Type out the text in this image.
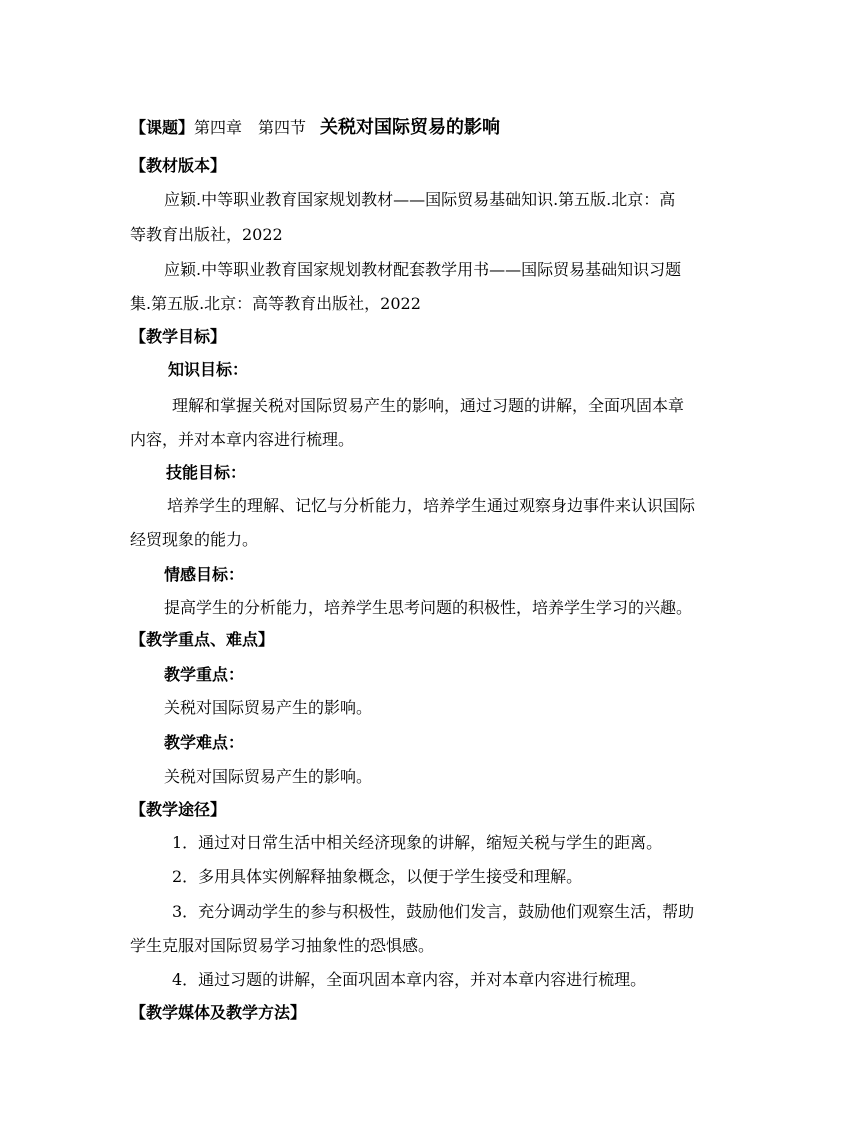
【课题】第四章　第四节 关税对国际贸易的影响
【教材版本】
应颖.中等职业教育国家规划教材——国际贸易基础知识.第五版.北京：高
等教育出版社，2022
应颖.中等职业教育国家规划教材配套教学用书——国际贸易基础知识习题
集.第五版.北京：高等教育出版社，2022
【教学目标】
知识目标：
理解和掌握关税对国际贸易产生的影响，通过习题的讲解，全面巩固本章
内容，并对本章内容进行梳理。
技能目标：
培养学生的理解、记忆与分析能力，培养学生通过观察身边事件来认识国际
经贸现象的能力。
情感目标：
提高学生的分析能力，培养学生思考问题的积极性，培养学生学习的兴趣。
【教学重点、难点】
教学重点：
关税对国际贸易产生的影响。
教学难点：
关税对国际贸易产生的影响。
【教学途径】
1．通过对日常生活中相关经济现象的讲解，缩短关税与学生的距离。
2．多用具体实例解释抽象概念，以便于学生接受和理解。
3．充分调动学生的参与积极性，鼓励他们发言，鼓励他们观察生活，帮助
学生克服对国际贸易学习抽象性的恐惧感。
4．通过习题的讲解，全面巩固本章内容，并对本章内容进行梳理。
【教学媒体及教学方法】
